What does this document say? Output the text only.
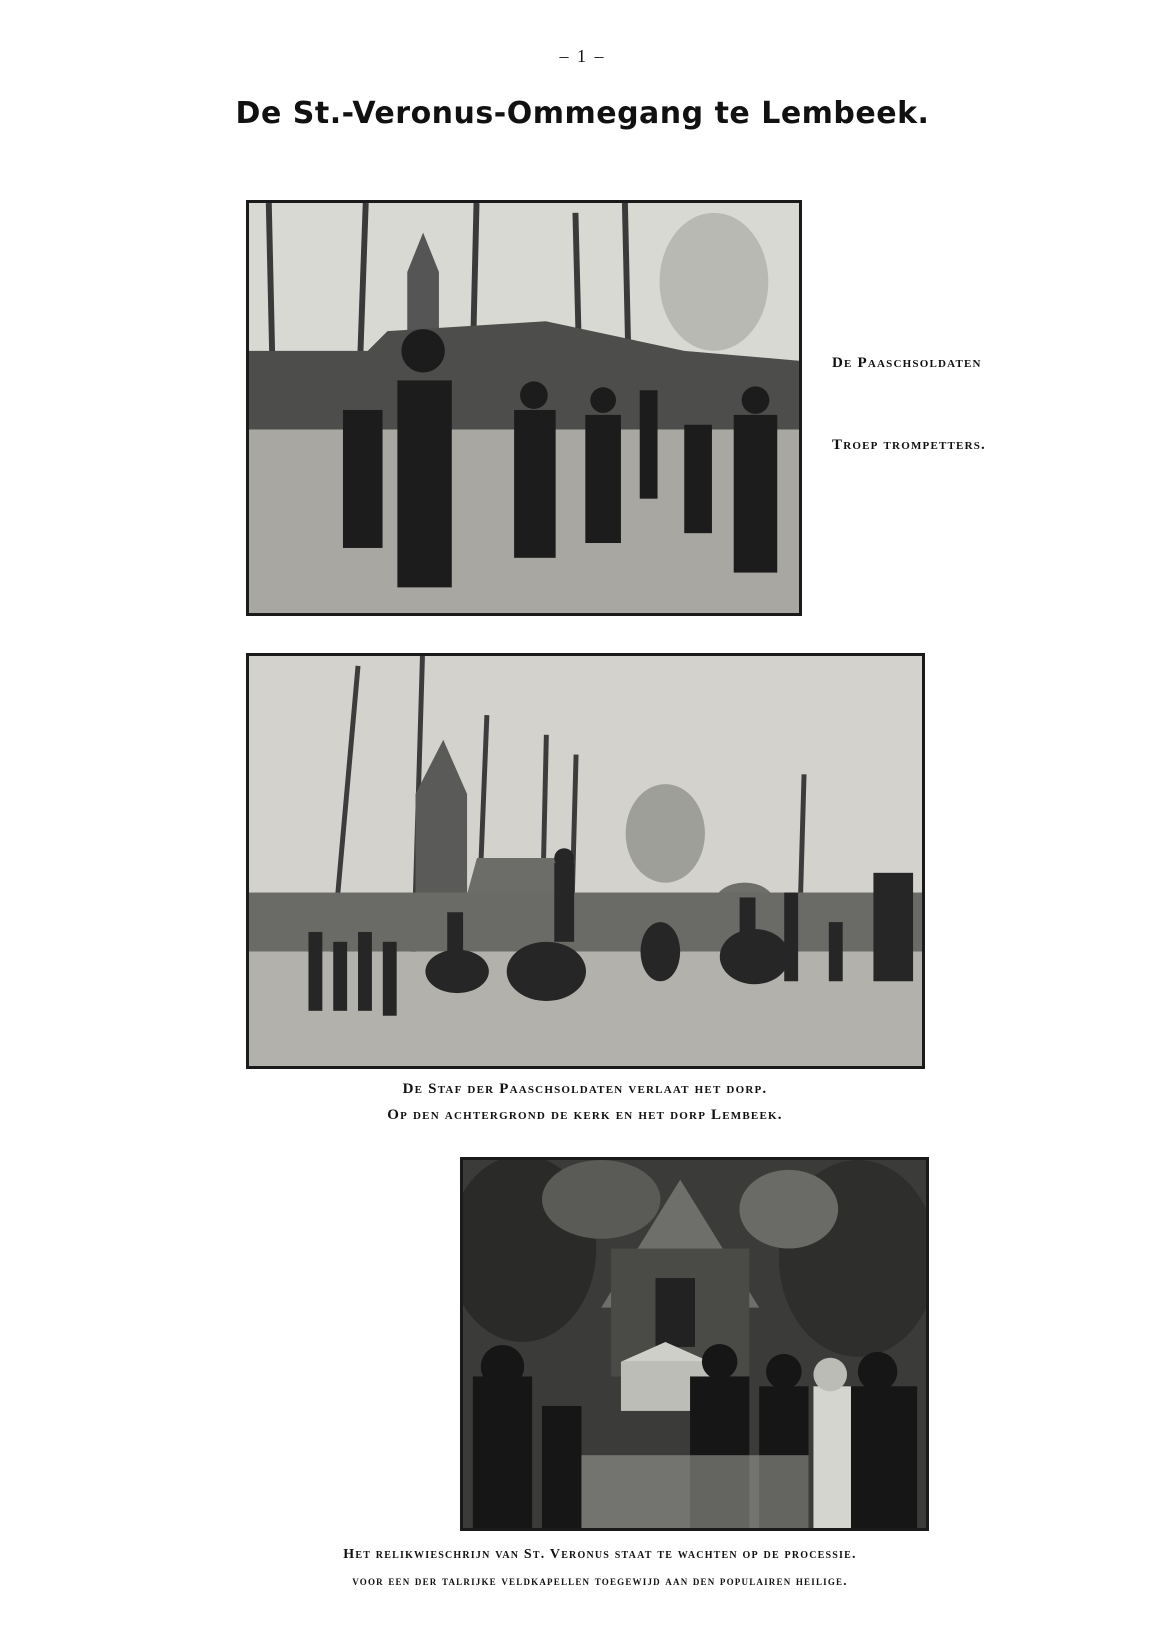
– 1 –
De St.-Veronus-Ommegang te Lembeek.
De Paaschsoldaten
Troep trompetters.
De Staf der Paaschsoldaten verlaat het dorp.
Op den achtergrond de kerk en het dorp Lembeek.
Het relikwieschrijn van St. Veronus staat te wachten op de processie.
voor een der talrijke veldkapellen toegewijd aan den populairen heilige.
